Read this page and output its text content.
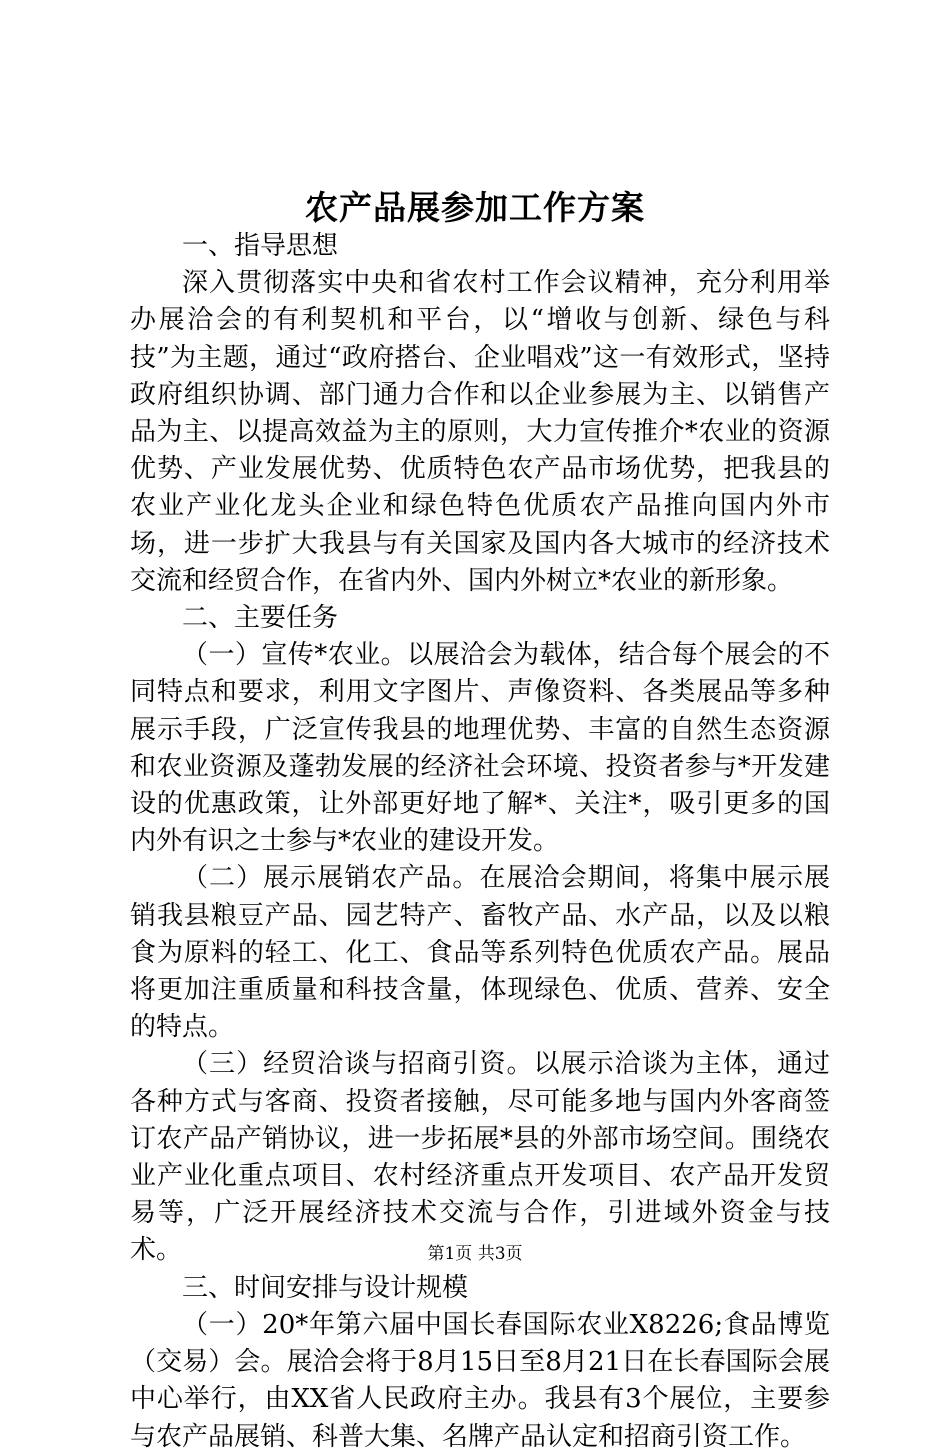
农产品展参加工作方案

一、指导思想

深入贯彻落实中央和省农村工作会议精神，充分利用举办展洽会的有利契机和平台，以“增收与创新、绿色与科技”为主题，通过“政府搭台、企业唱戏”这一有效形式，坚持政府组织协调、部门通力合作和以企业参展为主、以销售产品为主、以提高效益为主的原则，大力宣传推介*农业的资源优势、产业发展优势、优质特色农产品市场优势，把我县的农业产业化龙头企业和绿色特色优质农产品推向国内外市场，进一步扩大我县与有关国家及国内各大城市的经济技术交流和经贸合作，在省内外、国内外树立*农业的新形象。

二、主要任务

（一）宣传*农业。以展洽会为载体，结合每个展会的不同特点和要求，利用文字图片、声像资料、各类展品等多种展示手段，广泛宣传我县的地理优势、丰富的自然生态资源和农业资源及蓬勃发展的经济社会环境、投资者参与*开发建设的优惠政策，让外部更好地了解*、关注*，吸引更多的国内外有识之士参与*农业的建设开发。

（二）展示展销农产品。在展洽会期间，将集中展示展销我县粮豆产品、园艺特产、畜牧产品、水产品，以及以粮食为原料的轻工、化工、食品等系列特色优质农产品。展品将更加注重质量和科技含量，体现绿色、优质、营养、安全的特点。

（三）经贸洽谈与招商引资。以展示洽谈为主体，通过各种方式与客商、投资者接触，尽可能多地与国内外客商签订农产品产销协议，进一步拓展*县的外部市场空间。围绕农业产业化重点项目、农村经济重点开发项目、农产品开发贸易等，广泛开展经济技术交流与合作，引进域外资金与技术。

三、时间安排与设计规模

（一）20*年第六届中国长春国际农业X8226;食品博览（交易）会。展洽会将于8月15日至8月21日在长春国际会展中心举行，由XX省人民政府主办。我县有3个展位，主要参与农产品展销、科普大集、名牌产品认定和招商引资工作。

第1页 共3页
